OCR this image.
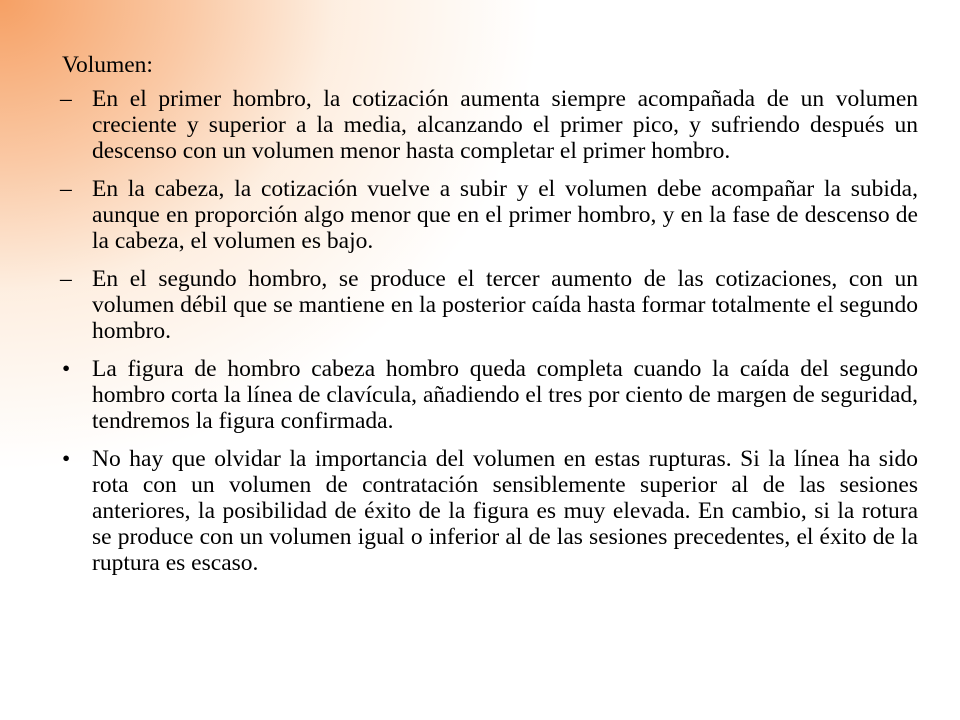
Volumen:
– En el primer hombro, la cotización aumenta siempre acompañada de un volumen creciente y superior a la media, alcanzando el primer pico, y sufriendo después un descenso con un volumen menor hasta completar el primer hombro.
– En la cabeza, la cotización vuelve a subir y el volumen debe acompañar la subida, aunque en proporción algo menor que en el primer hombro, y en la fase de descenso de la cabeza, el volumen es bajo.
– En el segundo hombro, se produce el tercer aumento de las cotizaciones, con un volumen débil que se mantiene en la posterior caída hasta formar totalmente el segundo hombro.
• La figura de hombro cabeza hombro queda completa cuando la caída del segundo hombro corta la línea de clavícula, añadiendo el tres por ciento de margen de seguridad, tendremos la figura confirmada.
• No hay que olvidar la importancia del volumen en estas rupturas. Si la línea ha sido rota con un volumen de contratación sensiblemente superior al de las sesiones anteriores, la posibilidad de éxito de la figura es muy elevada. En cambio, si la rotura se produce con un volumen igual o inferior al de las sesiones precedentes, el éxito de la ruptura es escaso.
